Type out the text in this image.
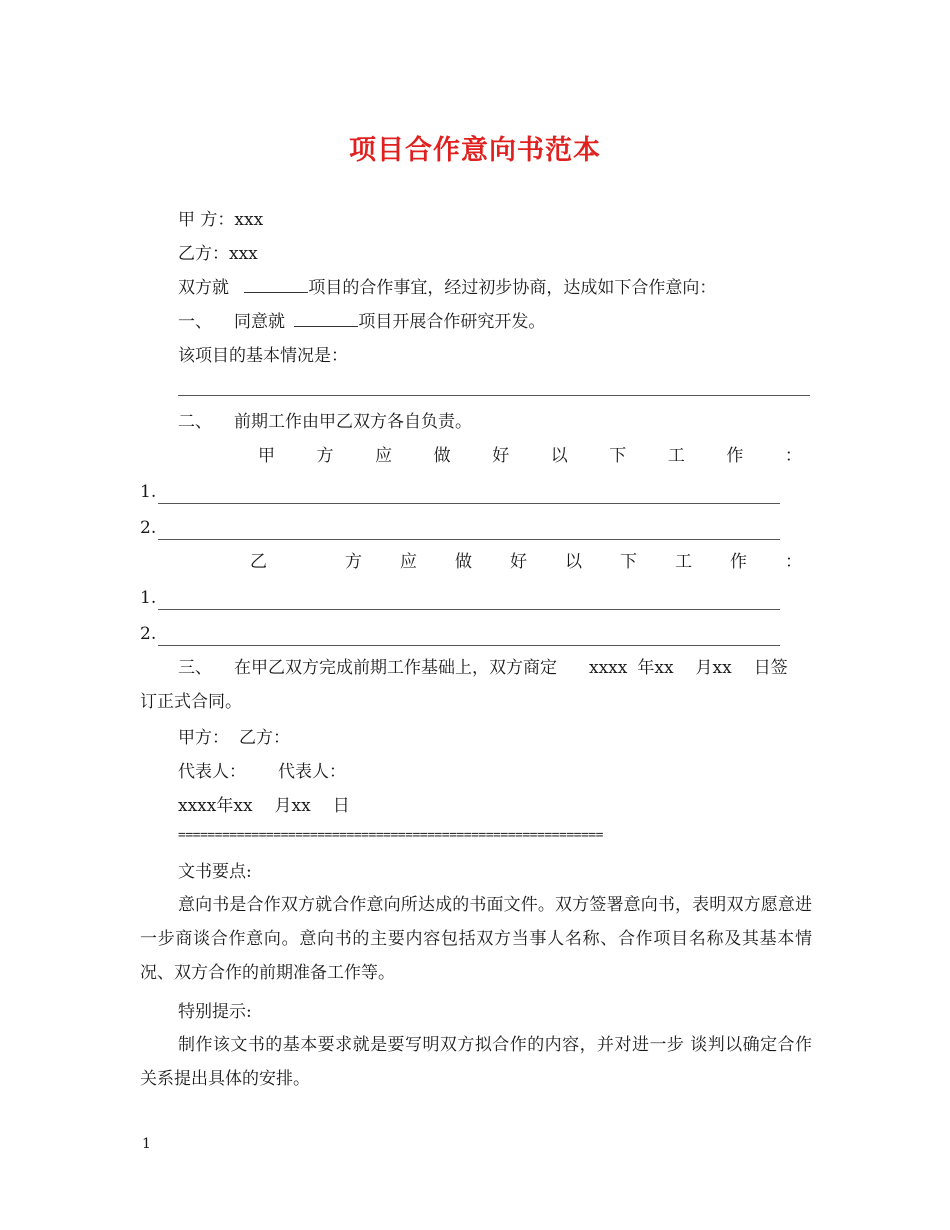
项目合作意向书范本
甲 方：xxx
乙方：xxx
双方就	项目的合作事宜，经过初步协商，达成如下合作意向：
一、 同意就	项目开展合作研究开发。
该项目的基本情况是：
二、 前期工作由甲乙双方各自负责。
甲 方 应 做 好 以 下 工 作 ：
1.
2.
乙	方 应 做 好 以 下 工 作 ：
1.
2.
三、 在甲乙双方完成前期工作基础上，双方商定 xxxx 年xx 月xx 日签
订正式合同。
甲方： 乙方：
代表人： 代表人：
xxxx年xx 月xx 日
==========================================================
文书要点:
意向书是合作双方就合作意向所达成的书面文件。双方签署意向书，表明双方愿意进一步商谈合作意向。意向书的主要内容包括双方当事人名称、合作项目名称及其基本情况、双方合作的前期准备工作等。
特别提示:
制作该文书的基本要求就是要写明双方拟合作的内容，并对进一步 谈判以确定合作关系提出具体的安排。
1
